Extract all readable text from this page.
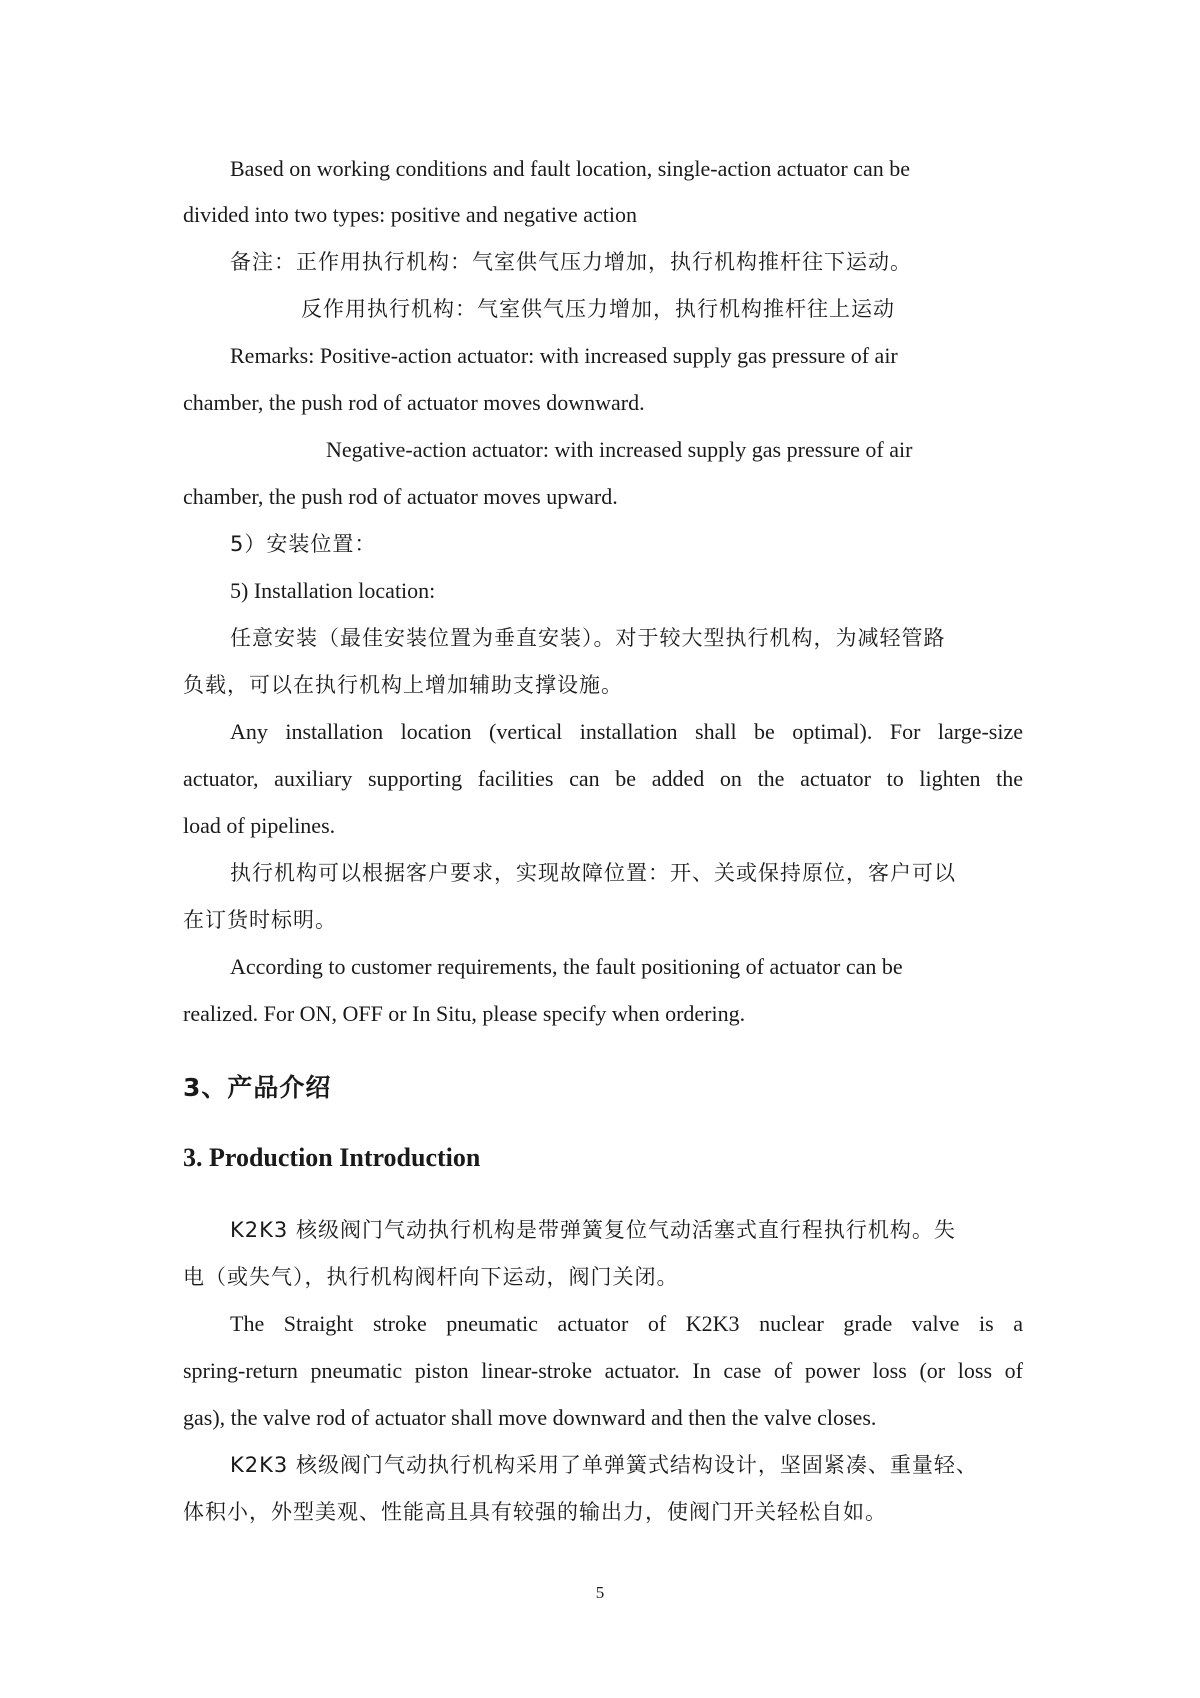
Based on working conditions and fault location, single-action actuator can be
divided into two types: positive and negative action
备注：正作用执行机构：气室供气压力增加，执行机构推杆往下运动。
反作用执行机构：气室供气压力增加，执行机构推杆往上运动
Remarks: Positive-action actuator: with increased supply gas pressure of air
chamber, the push rod of actuator moves downward.
Negative-action actuator: with increased supply gas pressure of air
chamber, the push rod of actuator moves upward.
5）安装位置：
5) Installation location:
任意安装（最佳安装位置为垂直安装）。对于较大型执行机构，为减轻管路
负载，可以在执行机构上增加辅助支撑设施。
Any installation location (vertical installation shall be optimal). For large-size
actuator, auxiliary supporting facilities can be added on the actuator to lighten the
load of pipelines.
执行机构可以根据客户要求，实现故障位置：开、关或保持原位，客户可以
在订货时标明。
According to customer requirements, the fault positioning of actuator can be
realized. For ON, OFF or In Situ, please specify when ordering.
3、产品介绍
3. Production Introduction
K2K3 核级阀门气动执行机构是带弹簧复位气动活塞式直行程执行机构。失
电（或失气），执行机构阀杆向下运动，阀门关闭。
The Straight stroke pneumatic actuator of K2K3 nuclear grade valve is a
spring-return pneumatic piston linear-stroke actuator. In case of power loss (or loss of
gas), the valve rod of actuator shall move downward and then the valve closes.
K2K3 核级阀门气动执行机构采用了单弹簧式结构设计，坚固紧凑、重量轻、
体积小，外型美观、性能高且具有较强的输出力，使阀门开关轻松自如。
5
